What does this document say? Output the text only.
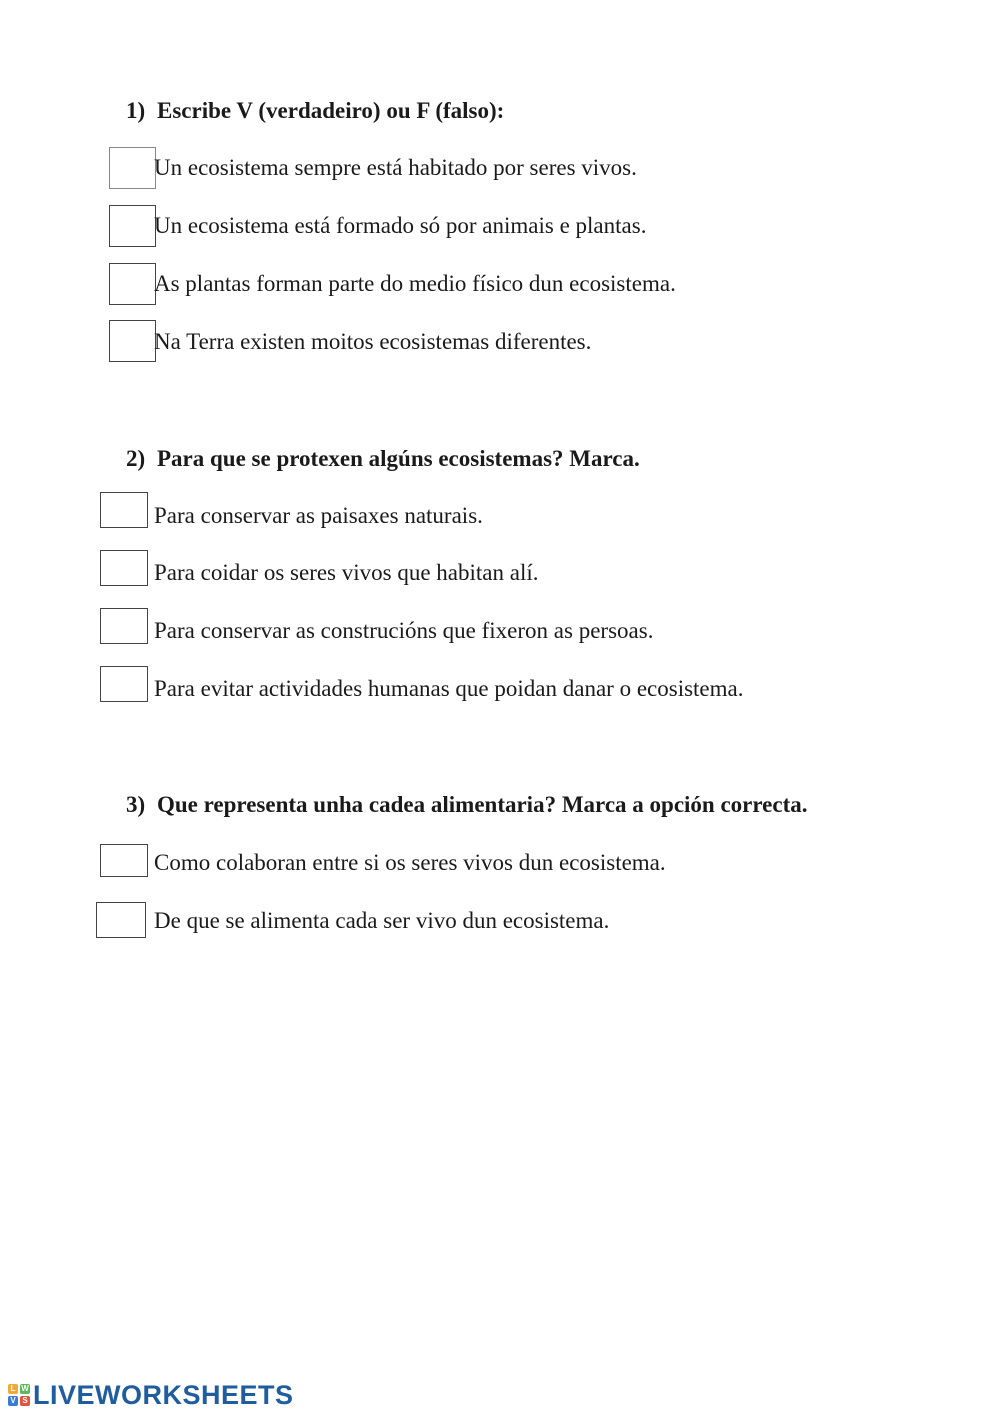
1) Escribe V (verdadeiro) ou F (falso):
Un ecosistema sempre está habitado por seres vivos.
Un ecosistema está formado só por animais e plantas.
As plantas forman parte do medio físico dun ecosistema.
Na Terra existen moitos ecosistemas diferentes.
2) Para que se protexen algúns ecosistemas? Marca.
Para conservar as paisaxes naturais.
Para coidar os seres vivos que habitan alí.
Para conservar as construcións que fixeron as persoas.
Para evitar actividades humanas que poidan danar o ecosistema.
3) Que representa unha cadea alimentaria? Marca a opción correcta.
Como colaboran entre si os seres vivos dun ecosistema.
De que se alimenta cada ser vivo dun ecosistema.
L W
V S LIVEWORKSHEETS
